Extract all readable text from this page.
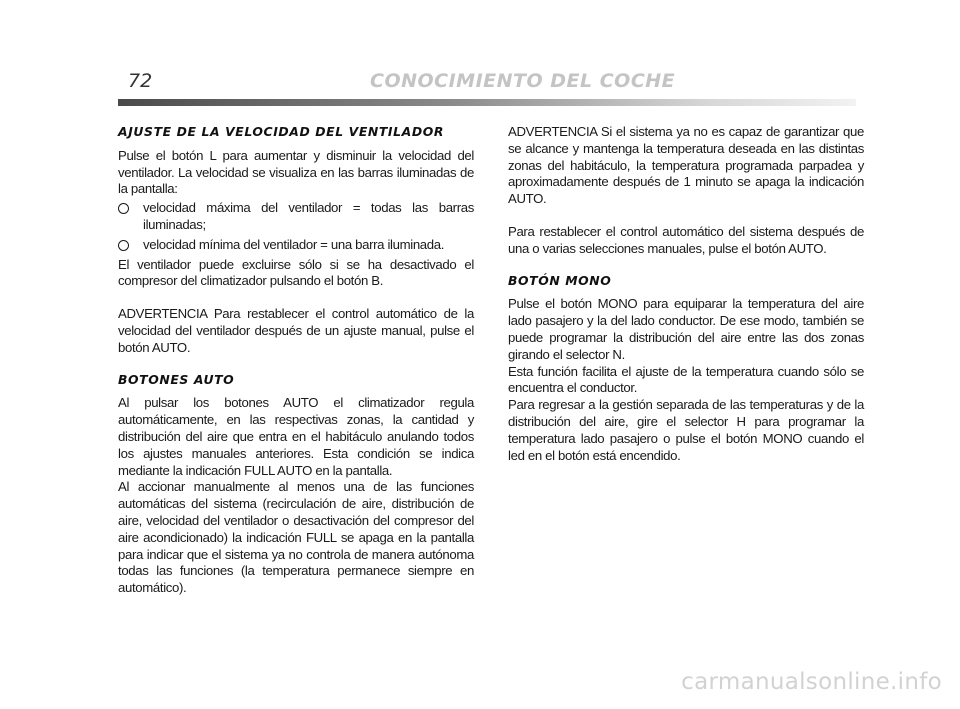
72	CONOCIMIENTO DEL COCHE
AJUSTE DE LA VELOCIDAD DEL VENTILADOR

Pulse el botón L para aumentar y disminuir la velocidad del ventilador. La velocidad se visualiza en las barras iluminadas de la pantalla:

velocidad máxima del ventilador = todas las barras iluminadas;
velocidad mínima del ventilador = una barra iluminada.

El ventilador puede excluirse sólo si se ha desactivado el compresor del climatizador pulsando el botón B.

ADVERTENCIA Para restablecer el control automático de la velocidad del ventilador después de un ajuste manual, pulse el botón AUTO.

BOTONES AUTO

Al pulsar los botones AUTO el climatizador regula automáticamente, en las respectivas zonas, la cantidad y distribución del aire que entra en el habitáculo anulando todos los ajustes manuales anteriores. Esta condición se indica mediante la indicación FULL AUTO en la pantalla.

Al accionar manualmente al menos una de las funciones automáticas del sistema (recirculación de aire, distribución de aire, velocidad del ventilador o desactivación del compresor del aire acondicionado) la indicación FULL se apaga en la pantalla para indicar que el sistema ya no controla de manera autónoma todas las funciones (la temperatura permanece siempre en automático).

ADVERTENCIA Si el sistema ya no es capaz de garantizar que se alcance y mantenga la temperatura deseada en las distintas zonas del habitáculo, la temperatura programada parpadea y aproximadamente después de 1 minuto se apaga la indicación AUTO.

Para restablecer el control automático del sistema después de una o varias selecciones manuales, pulse el botón AUTO.

BOTÓN MONO

Pulse el botón MONO para equiparar la temperatura del aire lado pasajero y la del lado conductor. De ese modo, también se puede programar la distribución del aire entre las dos zonas girando el selector N.

Esta función facilita el ajuste de la temperatura cuando sólo se encuentra el conductor.

Para regresar a la gestión separada de las temperaturas y de la distribución del aire, gire el selector H para programar la temperatura lado pasajero o pulse el botón MONO cuando el led en el botón está encendido.

carmanualsonline.info
